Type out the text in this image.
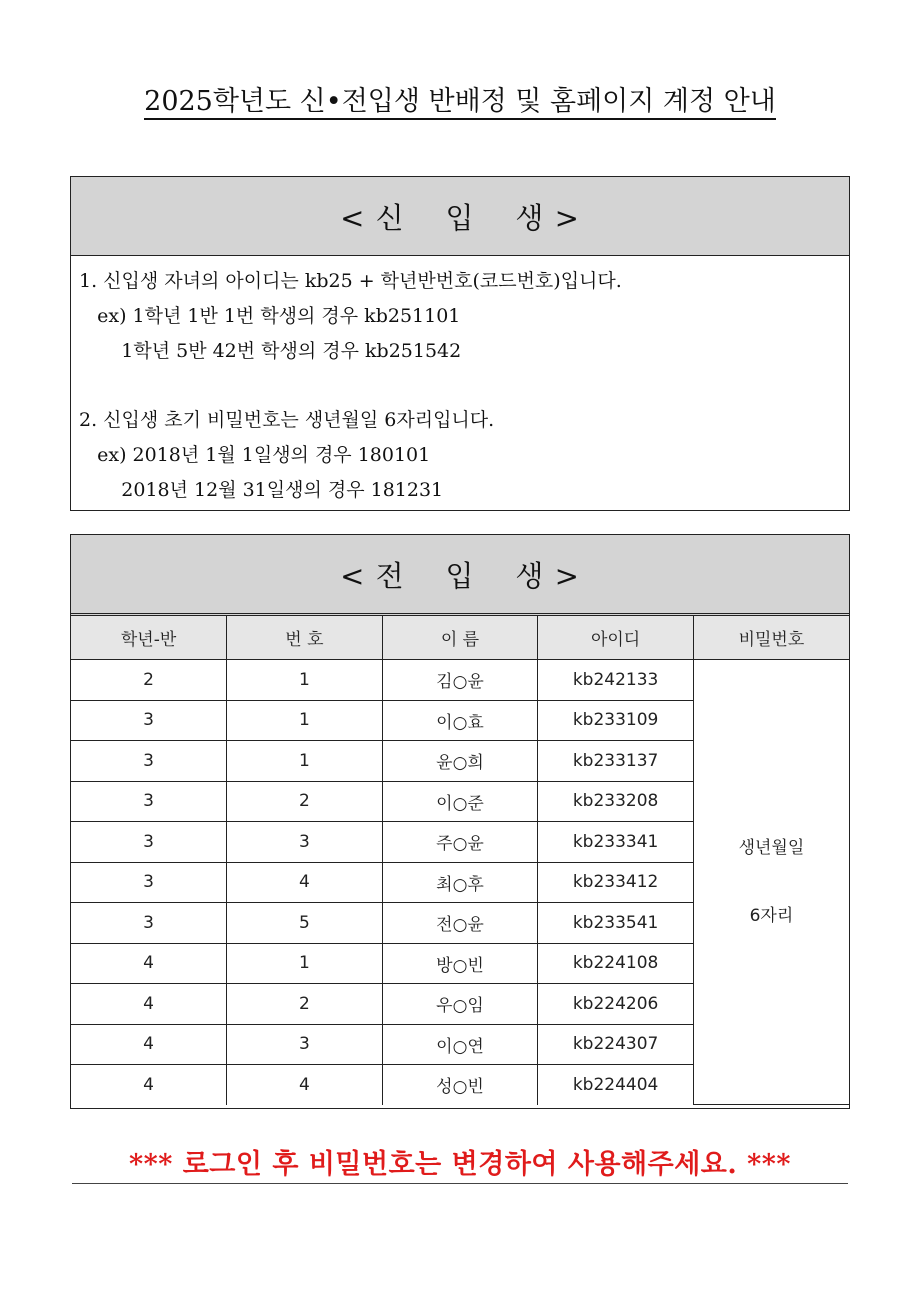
2025학년도 신•전입생 반배정 및 홈페이지 계정 안내
< 신    입    생 >
1. 신입생 자녀의 아이디는 kb25 + 학년반번호(코드번호)입니다.
ex) 1학년 1반 1번 학생의 경우 kb251101
1학년 5반 42번 학생의 경우 kb251542
2. 신입생 초기 비밀번호는 생년월일 6자리입니다.
ex) 2018년 1월 1일생의 경우 180101
2018년 12월 31일생의 경우 181231
< 전    입    생 >
학년-반	번 호	이 름	아이디	비밀번호
2	1	김○윤	kb242133	생년월일
6자리

3	1	이○효	kb233109	
3	1	윤○희	kb233137	
3	2	이○준	kb233208	
3	3	주○윤	kb233341	
3	4	최○후	kb233412	
3	5	전○윤	kb233541	
4	1	방○빈	kb224108	
4	2	우○임	kb224206	
4	3	이○연	kb224307	
4	4	성○빈	kb224404	
*** 로그인 후 비밀번호는 변경하여 사용해주세요. ***
